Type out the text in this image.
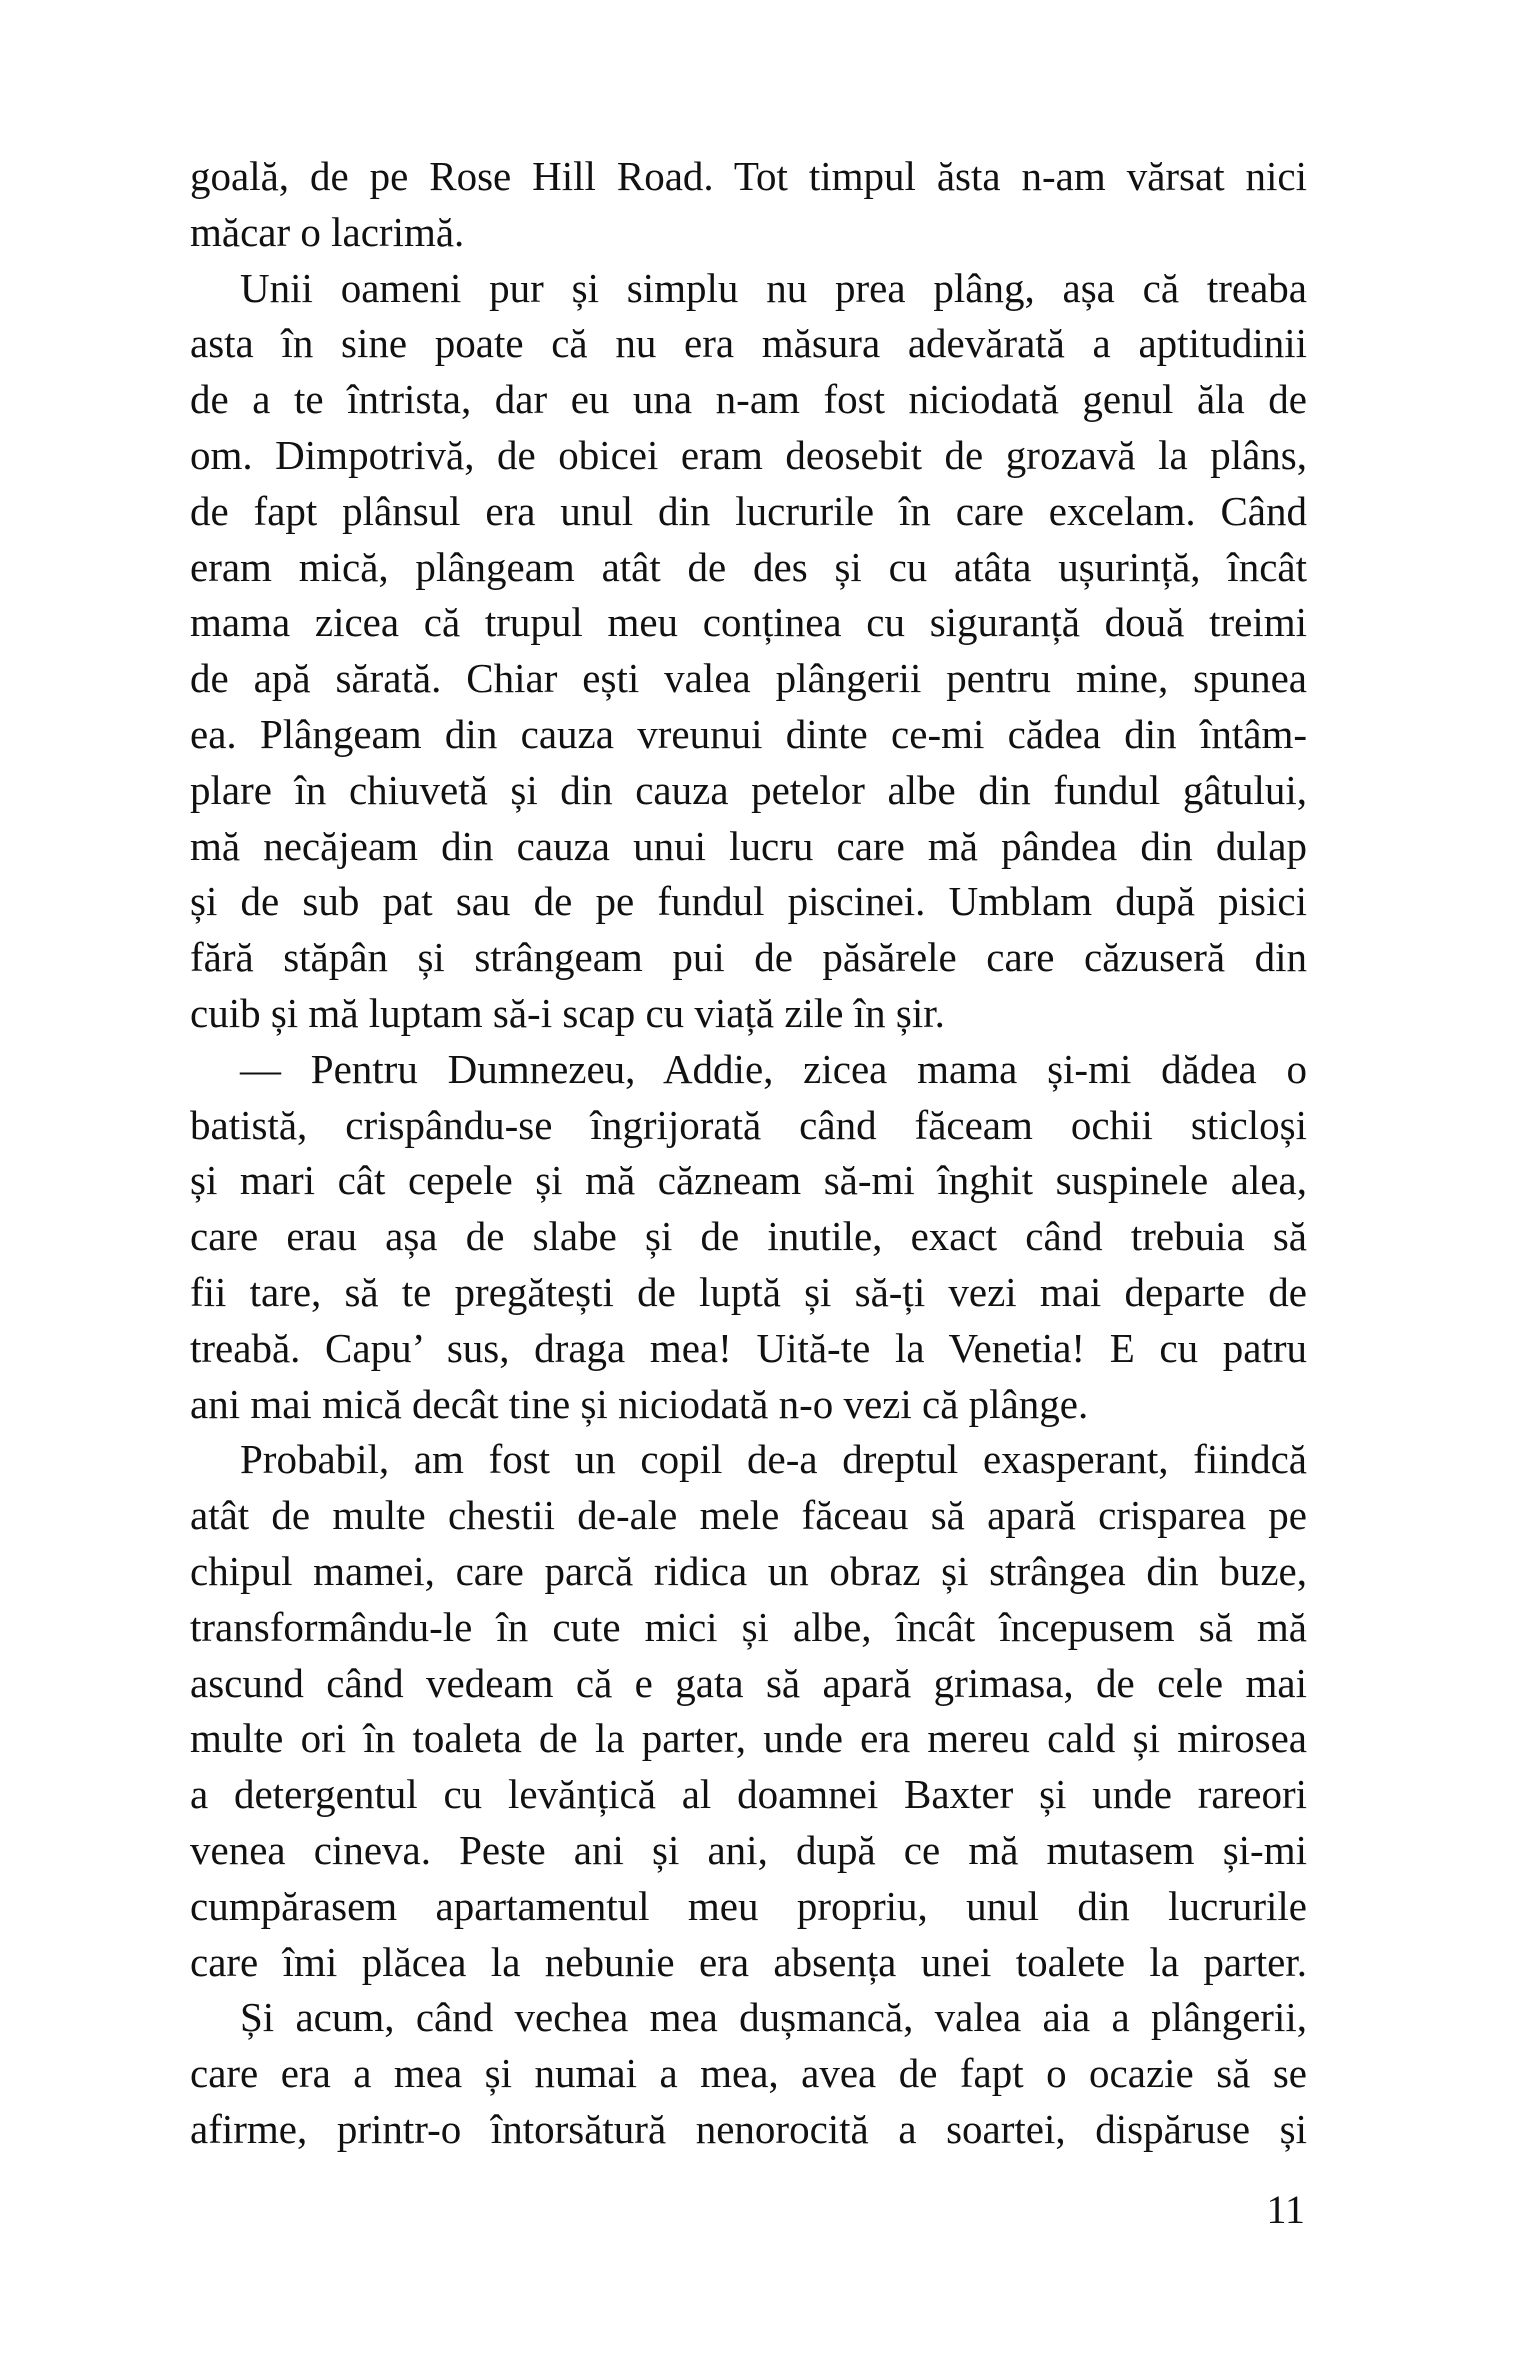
goală, de pe Rose Hill Road. Tot timpul ăsta n-am vărsat nici
măcar o lacrimă.
Unii oameni pur și simplu nu prea plâng, așa că treaba
asta în sine poate că nu era măsura adevărată a aptitudinii
de a te întrista, dar eu una n-am fost niciodată genul ăla de
om. Dimpotrivă, de obicei eram deosebit de grozavă la plâns,
de fapt plânsul era unul din lucrurile în care excelam. Când
eram mică, plângeam atât de des și cu atâta ușurință, încât
mama zicea că trupul meu conținea cu siguranță două treimi
de apă sărată. Chiar ești valea plângerii pentru mine, spunea
ea. Plângeam din cauza vreunui dinte ce-mi cădea din întâm-
plare în chiuvetă și din cauza petelor albe din fundul gâtului,
mă necăjeam din cauza unui lucru care mă pândea din dulap
și de sub pat sau de pe fundul piscinei. Umblam după pisici
fără stăpân și strângeam pui de păsărele care căzuseră din
cuib și mă luptam să-i scap cu viață zile în șir.
— Pentru Dumnezeu, Addie, zicea mama și-mi dădea o
batistă, crispându-se îngrijorată când făceam ochii sticloși
și mari cât cepele și mă căzneam să-mi înghit suspinele alea,
care erau așa de slabe și de inutile, exact când trebuia să
fii tare, să te pregătești de luptă și să-ți vezi mai departe de
treabă. Capu’ sus, draga mea! Uită-te la Venetia! E cu patru
ani mai mică decât tine și niciodată n-o vezi că plânge.
Probabil, am fost un copil de-a dreptul exasperant, fiindcă
atât de multe chestii de-ale mele făceau să apară crisparea pe
chipul mamei, care parcă ridica un obraz și strângea din buze,
transformându-le în cute mici și albe, încât începusem să mă
ascund când vedeam că e gata să apară grimasa, de cele mai
multe ori în toaleta de la parter, unde era mereu cald și mirosea
a detergentul cu levănțică al doamnei Baxter și unde rareori
venea cineva. Peste ani și ani, după ce mă mutasem și-mi
cumpărasem apartamentul meu propriu, unul din lucrurile
care îmi plăcea la nebunie era absența unei toalete la parter.
Și acum, când vechea mea dușmancă, valea aia a plângerii,
care era a mea și numai a mea, avea de fapt o ocazie să se
afirme, printr-o întorsătură nenorocită a soartei, dispăruse și
11
